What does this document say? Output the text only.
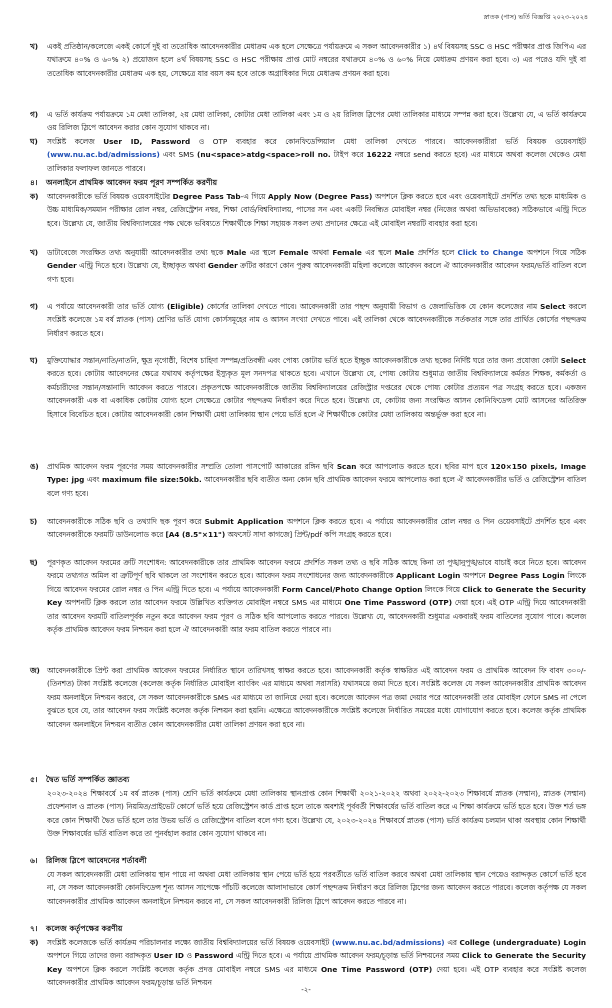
স্নাতক (পাস) ভর্তি বিজ্ঞপ্তি ২০২৩-২০২৪
খ)	একই প্রতিষ্ঠান/কলেজে একই কোর্সে দুই বা ততোধিক আবেদনকারীর মেধাক্রম এক হলে সেক্ষেত্রে পর্যায়ক্রমে এ সকল আবেদনকারীর ১) ৪র্থ বিষয়সহ SSC ও HSC পরীক্ষার প্রাপ্ত জিপিএ এর যথাক্রমে ৪০% ও ৬০% ২) প্রয়োজন হলে ৪র্থ বিষয়সহ SSC ও HSC পরীক্ষায় প্রাপ্ত মোট নম্বরের যথাক্রমে ৪০% ও ৬০% নিয়ে মেধাক্রম প্রণয়ন করা হবে। ৩) এর পরেও যদি দুই বা ততোধিক আবেদনকারীর মেধাক্রম এক হয়, সেক্ষেত্রে যার বয়স কম হবে তাকে অগ্রাধিকার দিয়ে মেধাক্রম প্রণয়ন করা হবে।
গ)	এ ভর্তি কার্যক্রম পর্যায়ক্রমে ১ম মেধা তালিকা, ২য় মেধা তালিকা, কোটার মেধা তালিকা এবং ১ম ও ২য় রিলিজ স্লিপের মেধা তালিকার মাধ্যমে সম্পন্ন করা হবে। উল্লেখ্য যে, এ ভর্তি কার্যক্রমে ওয় রিলিজ স্লিপে আবেদন করার কোন সুযোগ থাকবে না।
ঘ)	সংশ্লিষ্ট কলেজ User ID, Password ও OTP ব্যবহার করে কোনফিডেন্সিয়াল মেধা তালিকা দেখতে পারবে। আবেদনকারীরা ভর্তি বিষয়ক ওয়েবসাইট (www.nu.ac.bd/admissions) এবং SMS (nu<space>atdg<space>roll no. টাইপ করে 16222 নম্বরে send করতে হবে) এর মাধ্যমে অথবা কলেজ থেকেও মেধা তালিকার ফলাফল জানতে পারবে।
৪।	অনলাইনে প্রাথমিক আবেদন ফরম পূরণ সম্পর্কিত করণীয়
ক)	আবেদনকারীকে ভর্তি বিষয়ক ওয়েবসাইটের Degree Pass Tab-এ গিয়ে Apply Now (Degree Pass) অপশনে ক্লিক করতে হবে এবং ওয়েবসাইটে প্রদর্শিত তথ্য ছকে মাধ্যমিক ও উচ্চ মাধ্যমিক/সমমান পরীক্ষার রোল নম্বর, রেজিস্ট্রেশন নম্বর, শিক্ষা বোর্ড/বিশ্ববিদ্যালয়, পাসের সন এবং একটি নিবন্ধিত মোবাইল নম্বর (নিজের অথবা অভিভাবকের) সঠিকভাবে এন্ট্রি দিতে হবে। উল্লেখ্য যে, জাতীয় বিশ্ববিদ্যালয়ের পক্ষ থেকে ভবিষ্যতে শিক্ষার্থীকে শিক্ষা সহায়ক সকল তথ্য প্রদানের ক্ষেত্রে এই মোবাইল নম্বরটি ব্যবহার করা হবে।
খ)	ডাটাবেজে সংরক্ষিত তথ্য অনুযায়ী আবেদনকারীর তথ্য ছকে Male এর স্থলে Female অথবা Female এর স্থলে Male প্রদর্শিত হলে Click to Change অপশনে গিয়ে সঠিক Gender এন্ট্রি দিতে হবে। উল্লেখ্য যে, ইচ্ছাকৃত অথবা Gender ক্রটির কারণে কোন পুরুষ আবেদনকারী মহিলা কলেজে আবেদন করলে ঐ আবেদনকারীর আবেদন ফরম/ভর্তি বাতিল বলে গণ্য হবে।
গ)	এ পর্যায়ে আবেদনকারী তার ভর্তি যোগ্য (Eligible) কোর্সের তালিকা দেখতে পাবে। আবেদনকারী তার পছন্দ অনুযায়ী বিভাগ ও জেলাভিত্তিক যে কোন কলেজের নাম Select করলে সংশ্লিষ্ট কলেজে ১ম বর্ষ স্নাতক (পাস) শ্রেণির ভর্তি যোগ্য কোর্সসমূহের নাম ও আসন সংখ্যা দেখতে পাবে। এই তালিকা থেকে আবেদনকারীকে সর্তকতার সঙ্গে তার প্রার্থিত কোর্সের পছন্দক্রম নির্ধারণ করতে হবে।
ঘ)	মুক্তিযোদ্ধার সন্তান/নাতি/নাতনি, ক্ষুদ্র নৃগোষ্ঠী, বিশেষ চাহিদা সম্পন্ন/প্রতিবন্ধী এবং পোষ্য কোটায় ভর্তি হতে ইচ্ছুক আবেদনকারীকে তথ্য ছকের নির্দিষ্ট ঘরে তার জন্য প্রযোজ্য কোটা Select করতে হবে। কোটায় আবেদনের ক্ষেত্রে যথাযথ কর্তৃপক্ষের ইস্যুকৃত মূল সনদপত্র থাকতে হবে। এখানে উল্লেখ্য যে, পোষ্য কোটায় শুধুমাত্র জাতীয় বিশ্ববিদ্যালয়ে কর্মরত শিক্ষক, কর্মকর্তা ও কর্মচারীদের সন্তান/সন্তানাদি আবেদন করতে পারবে। প্রকৃতপক্ষে আবেদনকারীকে জাতীয় বিশ্ববিদ্যালয়ের রেজিস্ট্রার দপ্তরের থেকে পোষ্য কোটার প্রত্যয়ন পত্র সংগ্রহ করতে হবে। একজন আবেদনকারী এক বা একাধিক কোটায় যোগ্য হলে সেক্ষেত্রে কোটার পছন্দক্রম নির্ধারণ করে দিতে হবে। উল্লেখ্য যে, কোটায় জন্য সংরক্ষিত আসন কোনিফিডেন্স মোট আসনের অতিরিক্ত হিসাবে বিবেচিত হবে। কোটায় আবেদনকারী কোন শিক্ষার্থী মেধা তালিকায় স্থান পেয়ে ভর্তি হলে ঐ শিক্ষার্থীকে কোটার মেধা তালিকায় অন্তর্ভুক্ত করা হবে না।
ঙ)	প্রাথমিক আবেদন ফরম পূরণের সময় আবেদনকারীর সম্প্রতি তোলা পাসপোর্ট আকারের রঙ্গিন ছবি Scan করে আপলোড করতে হবে। ছবির মাপ হবে 120×150 pixels, Image Type: jpg এবং maximum file size:50kb. আবেদনকারীর ছবি ব্যতীত অন্য কোন ছবি প্রাথমিক আবেদন ফরমে আপলোড করা হলে ঐ আবেদনকারীর ভর্তি ও রেজিস্ট্রেশন বাতিল বলে গণ্য হবে।
চ)	আবেদনকারীকে সঠিক ছবি ও তথ্যাদি ছক পূরণ করে Submit Application অপশনে ক্লিক করতে হবে। এ পর্যায়ে আবেদনকারীর রোল নম্বর ও পিন ওয়েবসাইটে প্রদর্শিত হবে এবং আবেদনকারীকে ফরমটি ডাউনলোড করে [A4 (8.5"×11") অফসেট সাদা কাগজে] প্রিন্ট/pdf কপি সংগ্রহ করতে হবে।
ছ)	পূরণকৃত আবেদন ফরমের ক্রটি সংশোধন: আবেদনকারীকে তার প্রাথমিক আবেদন ফরমে প্রদর্শিত সকল তথ্য ও ছবি সঠিক আছে কিনা তা পুঙ্খানুপুঙ্খভাবে যাচাই করে নিতে হবে। আবেদন ফরমে তথ্যগত অমিল বা ত্রুটিপূর্ণ ছবি থাকলে তা সংশোধন করতে হবে। আবেদন ফরম সংশোধনের জন্য আবেদনকারীকে Applicant Login অপশনে Degree Pass Login লিংকে গিয়ে আবেদন ফরমের রোল নম্বর ও পিন এন্ট্রি দিতে হবে। এ পর্যায়ে আবেদনকারী Form Cancel/Photo Change Option লিংকে গিয়ে Click to Generate the Security Key অপশনটি ক্লিক করলে তার আবেদন ফরমে উল্লিখিত ব্যক্তিগত মোবাইল নম্বরে SMS এর মাধ্যমে One Time Password (OTP) দেয়া হবে। এই OTP এন্ট্রি দিয়ে আবেদনকারী তার আবেদন ফরমটি বাতিলপূর্বক নতুন করে আবেদন ফরম পূরণ ও সঠিক ছবি আপলোড করতে পারবে। উল্লেখ্য যে, আবেদনকারী শুধুমাত্র একবারই ফরম বাতিলের সুযোগ পাবে। কলেজ কর্তৃক প্রাথমিক আবেদন ফরম নিশ্চয়ন করা হলে ঐ আবেদনকারী আর ফরম বাতিল করতে পারবে না।
জ) আবেদনকারীকে প্রিন্ট করা প্রাথমিক আবেদন ফরমের নির্ধারিত স্থানে তারিখসহ স্বাক্ষর করতে হবে। আবেদনকারী কর্তৃক স্বাক্ষরিত এই আবেদন ফরম ও প্রাথমিক আবেদন ফি বাবদ ৩০০/- (তিনশত) টাকা সংশ্লিষ্ট কলেজে (কলেজ কর্তৃক নির্ধারিত মোবাইল ব্যাংকিং এর মাধ্যমে অথবা সরাসরি) যথাসময়ে জমা দিতে হবে। সংশ্লিষ্ট কলেজ যে সকল আবেদনকারীর প্রাথমিক আবেদন ফরম অনলাইনে নিশ্চয়ন করবে, সে সকল আবেদনকারীকে SMS এর মাধ্যমে তা জানিয়ে দেয়া হবে। কলেজে আবেদন পত্র জমা দেয়ার পরে আবেদনকারী তার মোবাইল ফোনে SMS না পেলে বুঝতে হবে যে, তার আবেদন ফরম সংশ্লিষ্ট কলেজ কর্তৃক নিশ্চয়ন করা হয়নি। এক্ষেত্রে আবেদনকারীকে সংশ্লিষ্ট কলেজে নির্ধারিত সময়ের মধ্যে যোগাযোগ করতে হবে। কলেজ কর্তৃক প্রাথমিক আবেদন অনলাইনে নিশ্চয়ন ব্যতীত কোন আবেদনকারীর মেধা তালিকা প্রণয়ন করা হবে না।
৫।	দ্বৈত ভর্তি সম্পর্কিত জ্ঞাতব্য
২০২৩-২০২৪ শিক্ষাবর্ষে ১ম বর্ষ স্নাতক (পাস) শ্রেণি ভর্তি কার্যক্রমে মেধা তালিকায় স্থানপ্রাপ্ত কোন শিক্ষার্থী ২০২১-২০২২ অথবা ২০২২-২০২৩ শিক্ষাবর্ষে স্নাতক (সম্মান), স্নাতক (সম্মান) প্রফেশনাল ও স্নাতক (পাস) নিয়মিত/প্রাইভেট কোর্সে ভর্তি হয়ে রেজিস্ট্রেশন কার্ড প্রাপ্ত হলে তাকে অবশ্যই পূর্ববর্তী শিক্ষাবর্ষের ভর্তি বাতিল করে এ শিক্ষা কার্যক্রমে ভর্তি হতে হবে। উক্ত শর্ত ভঙ্গ করে কোন শিক্ষার্থী দ্বৈত ভর্তি হলে তার উভয় ভর্তি ও রেজিস্ট্রেশন বাতিল বলে গণ্য হবে। উল্লেখ্য যে, ২০২৩-২০২৪ শিক্ষাবর্ষে স্নাতক (পাস) ভর্তি কার্যক্রম চলমান থাকা অবস্থায় কোন শিক্ষার্থী উক্ত শিক্ষাবর্ষের ভর্তি বাতিল করে তা পুনর্বহাল করার কোন সুযোগ থাকবে না।
৬।	রিলিজ স্লিপে আবেদনের শর্তাবলী
যে সকল আবেদনকারী মেধা তালিকায় স্থান পায়ে না অথবা মেধা তালিকায় স্থান পেয়ে ভর্তি হয়ে পরবর্তীতে ভর্তি বাতিল করবে অথবা মেধা তালিকায় স্থান পেয়েও বরাদ্দকৃত কোর্সে ভর্তি হবে না, সে সকল আবেদনকারী কোনফিডেন্স শূন্য আসন সাপেক্ষে পাঁচটি কলেজে আলাদাভাবে কোর্স পছন্দক্রম নির্ধারণ করে রিলিজ স্লিপের জন্য আবেদন করতে পারবে। কলেজ কর্তৃপক্ষ যে সকল আবেদনকারীর প্রাথমিক আবেদন অনলাইনে নিশ্চয়ন করবে না, সে সকল আবেদনকারী রিলিজ স্লিপে আবেদন করতে পারবে না।
৭।	কলেজ কর্তৃপক্ষের করণীয়
ক)	সংশ্লিষ্ট কলেজকে ভর্তি কার্যক্রম পরিচালনার লক্ষ্যে জাতীয় বিশ্ববিদ্যালয়ের ভর্তি বিষয়ক ওয়েবসাইট (www.nu.ac.bd/admissions) এর College (undergraduate) Login অপশনে গিয়ে তাদের জন্য বরাদ্দকৃত User ID ও Password এন্ট্রি দিতে হবে। এ পর্যায়ে প্রাথমিক আবেদন ফরম/চূড়ান্ত ভর্তি নিশ্চয়নের সময় Click to Generate the Security Key অপশনে ক্লিক করলে সংশ্লিষ্ট কলেজ কর্তৃক প্রদত্ত মোবাইল নম্বরে SMS এর মাধ্যমে One Time Password (OTP) দেয়া হবে। এই OTP ব্যবহার করে সংশ্লিষ্ট কলেজ আবেদনকারীর প্রাথমিক আবেদন ফরম/চূড়ান্ত ভর্তি নিশ্চয়ন
-২-
